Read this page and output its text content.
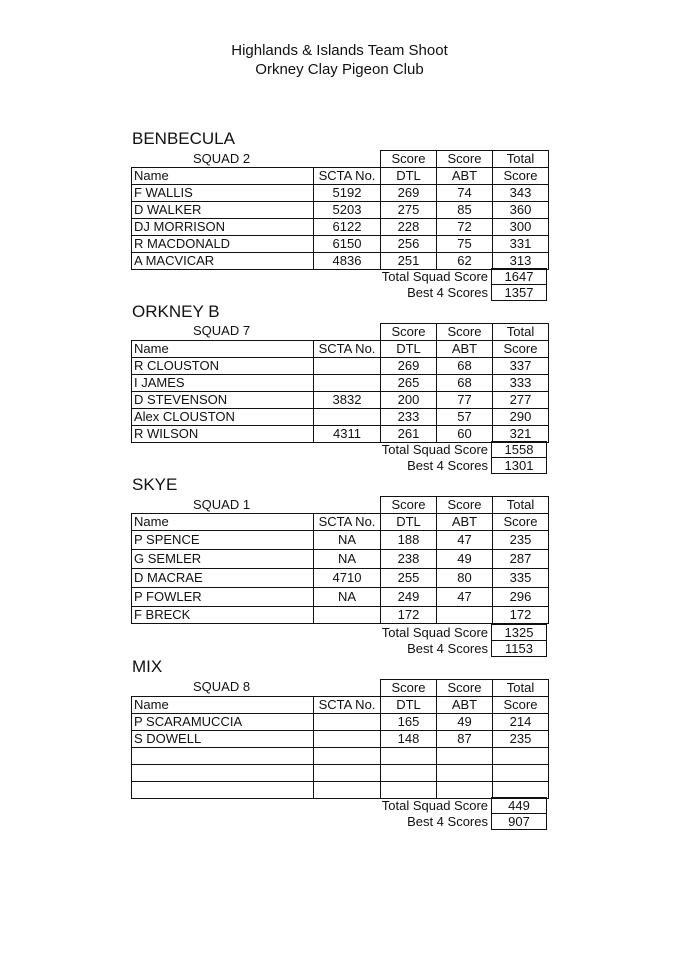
Highlands & Islands Team Shoot
Orkney Clay Pigeon Club
BENBECULA
SQUAD 2
			Score	Score	Total
Name	SCTA No.	DTL	ABT	Score
F WALLIS	5192	269	74	343
D WALKER	5203	275	85	360
DJ MORRISON	6122	228	72	300
R MACDONALD	6150	256	75	331
A MACVICAR	4836	251	62	313
Total Squad Score	1647
Best 4 Scores	1357
ORKNEY B
SQUAD 7
			Score	Score	Total
Name	SCTA No.	DTL	ABT	Score
R CLOUSTON		269	68	337
I JAMES		265	68	333
D STEVENSON	3832	200	77	277
Alex CLOUSTON		233	57	290
R WILSON	4311	261	60	321
Total Squad Score	1558
Best 4 Scores	1301
SKYE
SQUAD 1
			Score	Score	Total
Name	SCTA No.	DTL	ABT	Score
P SPENCE	NA	188	47	235
G SEMLER	NA	238	49	287
D MACRAE	4710	255	80	335
P FOWLER	NA	249	47	296
F BRECK		172		172
Total Squad Score	1325
Best 4 Scores	1153
MIX
SQUAD 8
			Score	Score	Total
Name	SCTA No.	DTL	ABT	Score
P SCARAMUCCIA		165	49	214
S DOWELL		148	87	235

Total Squad Score	449
Best 4 Scores	907
